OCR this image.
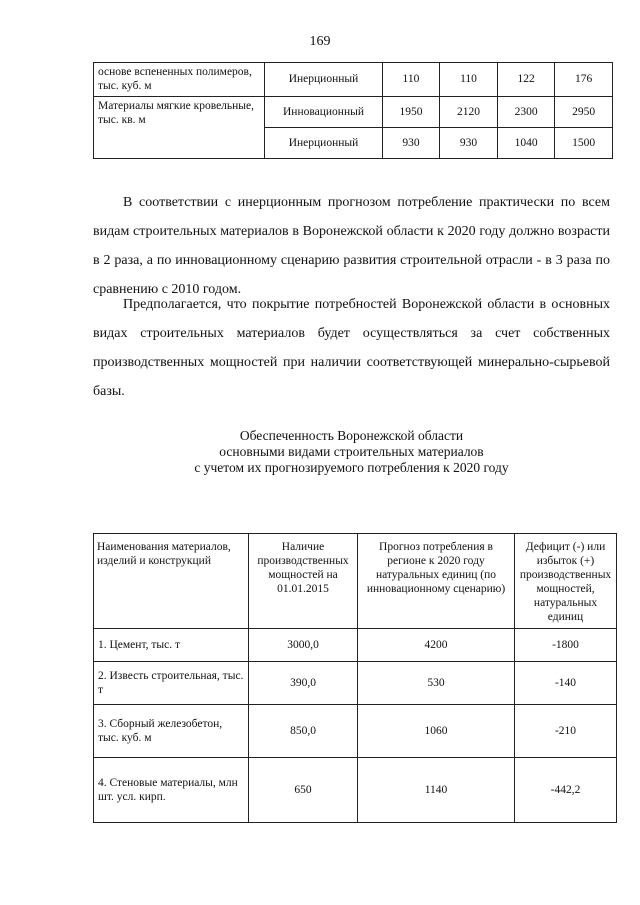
169
основе вспененных полимеров, тыс. куб. м	Инерционный	110	110	122	176
Материалы мягкие кровельные, тыс. кв. м	Инновационный	1950	2120	2300	2950
	Инерционный	930	930	1040	1500

В соответствии с инерционным прогнозом потребление практически по всем видам строительных материалов в Воронежской области к 2020 году должно возрасти в 2 раза, а по инновационному сценарию развития строительной отрасли - в 3 раза по сравнению с 2010 годом.

Предполагается, что покрытие потребностей Воронежской области в основных видах строительных материалов будет осуществляться за счет собственных производственных мощностей при наличии соответствующей минерально-сырьевой базы.

Обеспеченность Воронежской области
основными видами строительных материалов
с учетом их прогнозируемого потребления к 2020 году
Наименования материалов, изделий и конструкций	Наличие производственных мощностей на 01.01.2015	Прогноз потребления в регионе к 2020 году натуральных единиц (по инновационному сценарию)	Дефицит (-) или избыток (+) производственных мощностей, натуральных единиц
1. Цемент, тыс. т	3000,0	4200	-1800
2. Известь строительная, тыс. т	390,0	530	-140
3. Сборный железобетон, тыс. куб. м	850,0	1060	-210
4. Стеновые материалы, млн шт. усл. кирп.	650	1140	-442,2
